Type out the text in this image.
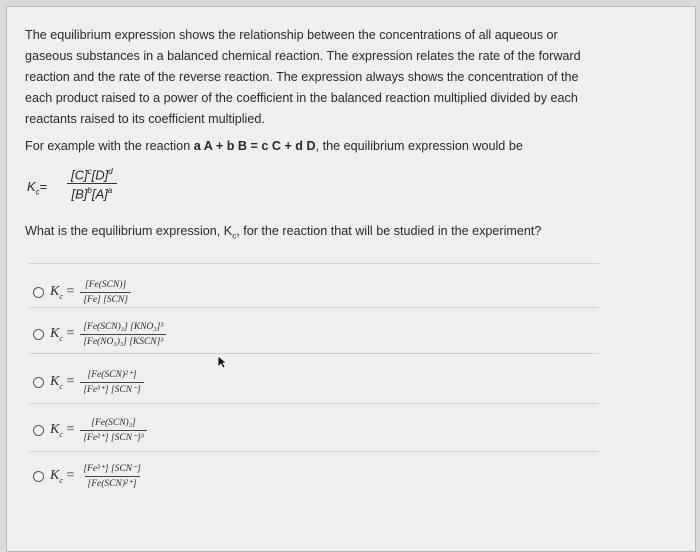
The equilibrium expression shows the relationship between the concentrations of all aqueous or gaseous substances in a balanced chemical reaction. The expression relates the rate of the forward reaction and the rate of the reverse reaction. The expression always shows the concentration of the each product raised to a power of the coefficient in the balanced reaction multiplied divided by each reactants raised to its coefficient multiplied.
For example with the reaction a A + b B = c C + d D, the equilibrium expression would be
$K_c= \frac{[C]^c[D]^d}{[B]^b[A]^a}$
What is the equilibrium expression, $K_c$, for the reaction that will be studied in the experiment?
$K_c = \frac{\text{[Fe(SCN)]}}{\text{[Fe] [SCN]}}$
$K_c = \frac{\text{[Fe(SCN)₃] [KNO₃]³}}{\text{[Fe(NO₃)₃] [KSCN]³}}$
$K_c = \frac{\text{[Fe(SCN)²⁺]}}{\text{[Fe³⁺] [SCN⁻]}}$
$K_c = \frac{\text{[Fe(SCN)₃]}}{\text{[Fe²⁺] [SCN⁻]³}}$
$K_c = \frac{\text{[Fe³⁺] [SCN⁻]}}{\text{[Fe(SCN)²⁺]}}$
